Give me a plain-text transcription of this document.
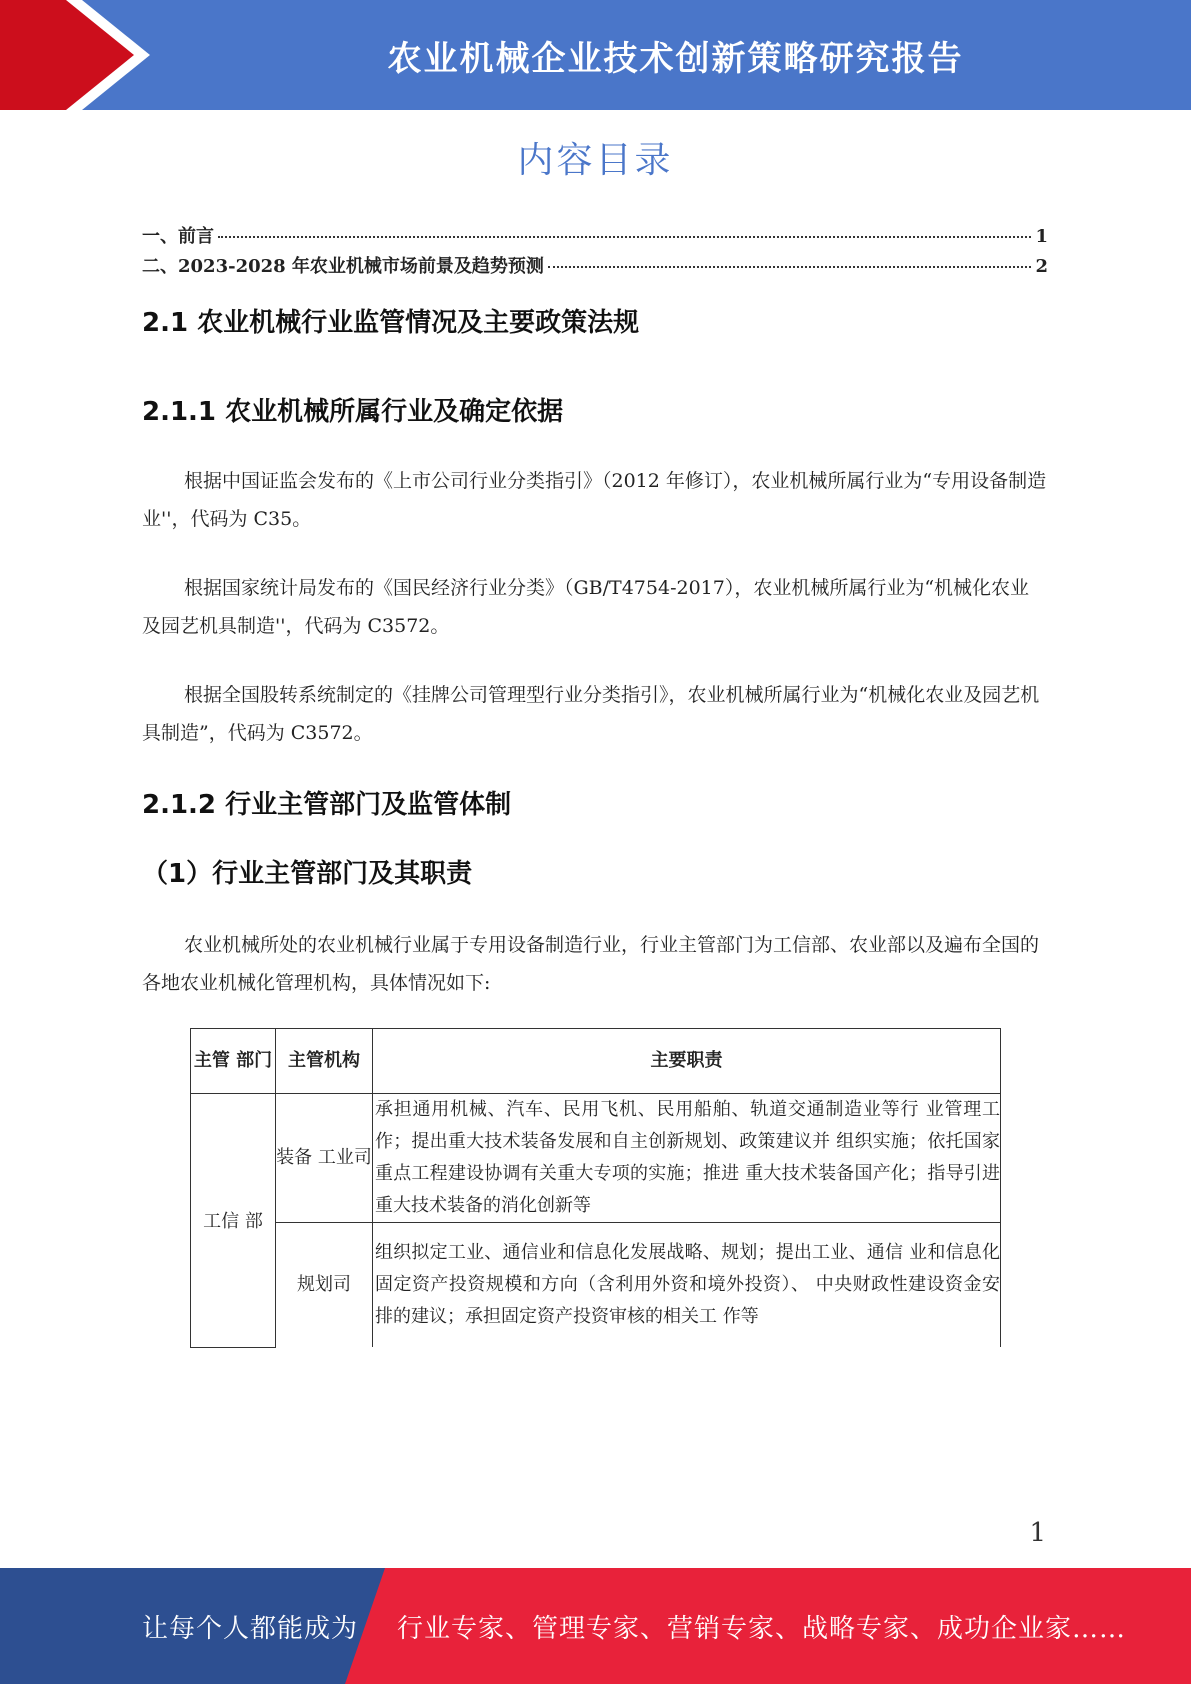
农业机械企业技术创新策略研究报告
内容目录
一、前言	1
二、2023-2028 年农业机械市场前景及趋势预测	2
2.1 农业机械行业监管情况及主要政策法规
2.1.1 农业机械所属行业及确定依据
根据中国证监会发布的《上市公司行业分类指引》（2012 年修订），农业机械所属行业为“专用设备制造业''，代码为 C35。
根据国家统计局发布的《国民经济行业分类》（GB/T4754-2017），农业机械所属行业为“机械化农业及园艺机具制造''，代码为 C3572。
根据全国股转系统制定的《挂牌公司管理型行业分类指引》，农业机械所属行业为“机械化农业及园艺机具制造”，代码为 C3572。
2.1.2 行业主管部门及监管体制
（1）行业主管部门及其职责
农业机械所处的农业机械行业属于专用设备制造行业，行业主管部门为工信部、农业部以及遍布全国的各地农业机械化管理机构，具体情况如下:
主管 部门	主管机构	主要职责
工信 部	装备 工业司	承担通用机械、汽车、民用飞机、民用船舶、轨道交通制造业等行 业管理工作；提出重大技术装备发展和自主创新规划、政策建议并 组织实施；依托国家重点工程建设协调有关重大专项的实施；推进 重大技术装备国产化；指导引进重大技术装备的消化创新等
	规划司	组织拟定工业、通信业和信息化发展战略、规划；提出工业、通信 业和信息化固定资产投资规模和方向（含利用外资和境外投资）、 中央财政性建设资金安排的建议；承担固定资产投资审核的相关工 作等
1
让每个人都能成为 行业专家、管理专家、营销专家、战略专家、成功企业家……
